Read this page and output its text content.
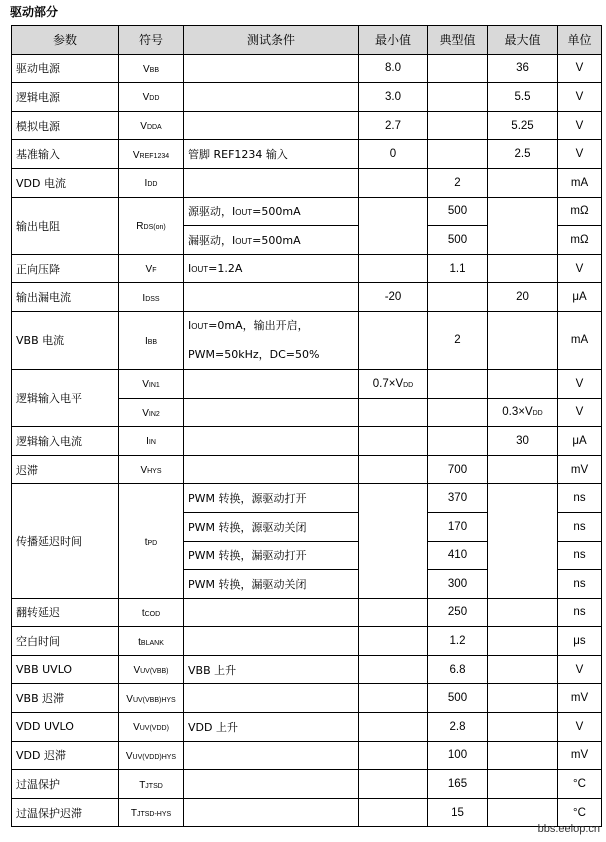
驱动部分
参数	符号	测试条件	最小值	典型值	最大值	单位
驱动电源	VBB		8.0		36	V
逻辑电源	VDD		3.0		5.5	V
模拟电源	VDDA		2.7		5.25	V
基准输入	VREF1234	管脚 REF1234 输入	0		2.5	V
VDD 电流	IDD			2		mA
输出电阻	RDS(on)	源驱动，IOUT=500mA		500		mΩ
		漏驱动，IOUT=500mA		500		mΩ
正向压降	VF	IOUT=1.2A		1.1		V
输出漏电流	IDSS		-20		20	μA
VBB 电流	IBB	IOUT=0mA，输出开启，
PWM=50kHz，DC=50%		2		mA
逻辑输入电平	VIN1		0.7×VDD			V
	VIN2				0.3×VDD	V
逻辑输入电流	IIN				30	μA
迟滞	VHYS			700		mV
传播延迟时间	tPD	PWM 转换，源驱动打开		370		ns
		PWM 转换，源驱动关闭		170		ns
		PWM 转换，漏驱动打开		410		ns
		PWM 转换，漏驱动关闭		300		ns
翻转延迟	tCOD			250		ns
空白时间	tBLANK			1.2		μs
VBB UVLO	VUV(VBB)	VBB 上升		6.8		V
VBB 迟滞	VUV(VBB)HYS			500		mV
VDD UVLO	VUV(VDD)	VDD 上升		2.8		V
VDD 迟滞	VUV(VDD)HYS			100		mV
过温保护	TJTSD			165		°C
过温保护迟滞	TJTSD-HYS			15		°C
bbs.eelop.cn
